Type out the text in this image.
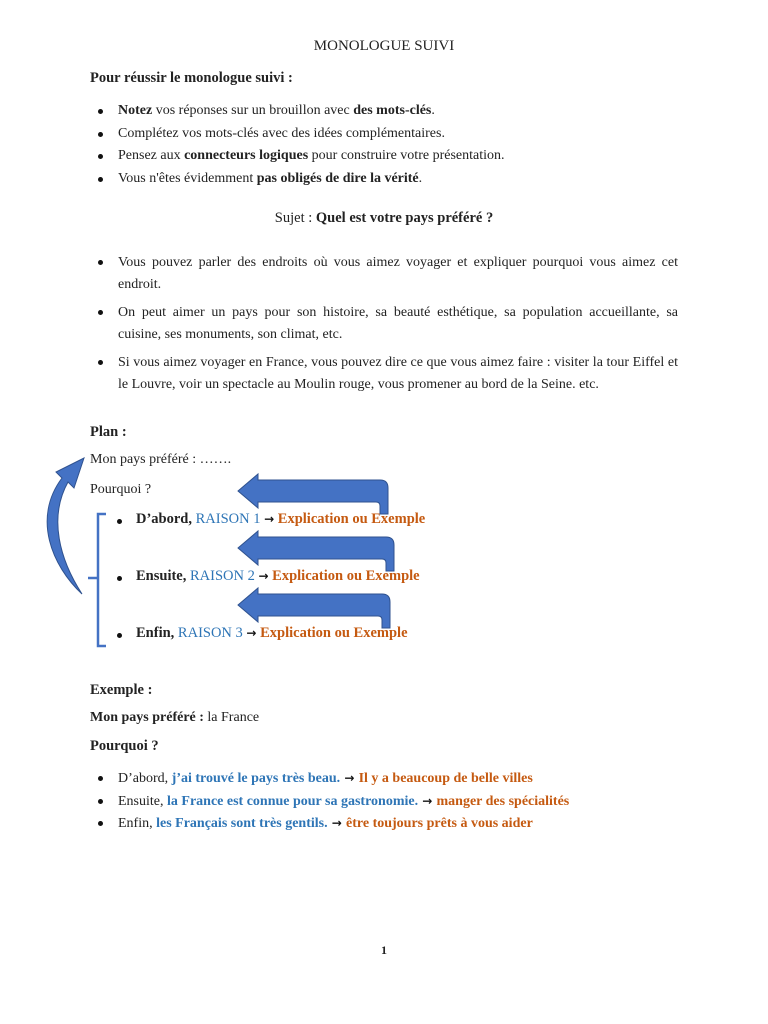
MONOLOGUE SUIVI
Pour réussir le monologue suivi :
Notez vos réponses sur un brouillon avec des mots-clés.
Complétez vos mots-clés avec des idées complémentaires.
Pensez aux connecteurs logiques pour construire votre présentation.
Vous n'êtes évidemment pas obligés de dire la vérité.
Sujet : Quel est votre pays préféré ?
Vous pouvez parler des endroits où vous aimez voyager et expliquer pourquoi vous aimez cet endroit.
On peut aimer un pays pour son histoire, sa beauté esthétique, sa population accueillante, sa cuisine, ses monuments, son climat, etc.
Si vous aimez voyager en France, vous pouvez dire ce que vous aimez faire : visiter la tour Eiffel et le Louvre, voir un spectacle au Moulin rouge, vous promener au bord de la Seine. etc.
Plan :
Mon pays préféré : …….
Pourquoi ?
D’abord, RAISON 1 → Explication ou Exemple
Ensuite, RAISON 2 → Explication ou Exemple
Enfin, RAISON 3 → Explication ou Exemple
Exemple :
Mon pays préféré : la France
Pourquoi ?
D’abord, j’ai trouvé le pays très beau. → Il y a beaucoup de belle villes
Ensuite, la France est connue pour sa gastronomie. → manger des spécialités
Enfin, les Français sont très gentils. → être toujours prêts à vous aider
1
